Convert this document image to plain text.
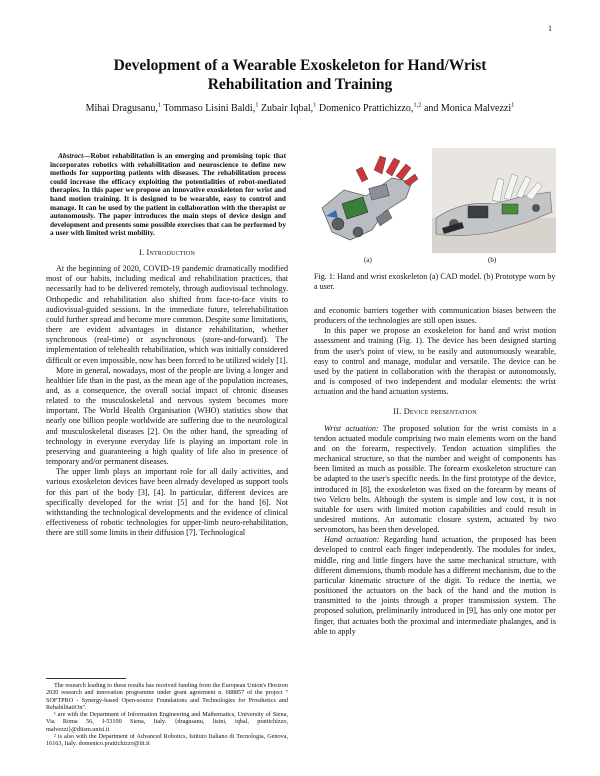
1
Development of a Wearable Exoskeleton for Hand/Wrist
Rehabilitation and Training
Mihai Dragusanu,$^1$ Tommaso Lisini Baldi,$^1$ Zubair Iqbal,$^1$ Domenico Prattichizzo,$^{1,2}$ and Monica Malvezzi$^1$

Abstract—Robot rehabilitation is an emerging and promising topic that incorporates robotics with rehabilitation and neuroscience to define new methods for supporting patients with diseases. The rehabilitation process could increase the efficacy exploiting the potentialities of robot-mediated therapies. In this paper we propose an innovative exoskeleton for wrist and hand motion training. It is designed to be wearable, easy to control and manage. It can be used by the patient in collaboration with the therapist or autonomously. The paper introduces the main steps of device design and development and presents some possible exercises that can be performed by a user with limited wrist mobility.

I. Introduction

At the beginning of 2020, COVID-19 pandemic dramatically modified most of our habits, including medical and rehabilitation practices, that necessarily had to be delivered remotely, through audiovisual technology. Orthopedic and rehabilitation also shifted from face-to-face visits to audiovisual-guided sessions. In the immediate future, telerehabilitation could further spread and become more common. Despite some limitations, there are evident advantages in distance rehabilitation, whether synchronous (real-time) or asynchronous (store-and-forward). The implementation of telehealth rehabilitation, which was initially considered difficult or even impossible, now has been forced to be utilized widely [1].

More in general, nowadays, most of the people are living a longer and healthier life than in the past, as the mean age of the population increases, and, as a consequence, the overall social impact of chronic diseases related to the musculoskeletal and nervous system becomes more important. The World Health Organisation (WHO) statistics show that nearly one billion people worldwide are suffering due to the neurological and musculoskeletal diseases [2]. On the other hand, the spreading of technology in everyone everyday life is playing an important role in preserving and guaranteeing a high quality of life also in presence of temporary and/or permanent diseases.

The upper limb plays an important role for all daily activities, and various exoskeleton devices have been already developed as support tools for this part of the body [3], [4]. In particular, different devices are specifically developed for the wrist [5] and for the hand [6]. Not withstanding the technological developments and the evidence of clinical effectiveness of robotic technologies for upper-limb neuro-rehabilitation, there are still some limits in their diffusion [7]. Technological

The research leading to these results has received funding from the European Union's Horizon 2020 research and innovation programme under grant agreement n. 688857 of the project " SOFTPRO - Synergy-based Open-source Foundations and Technologies for Prosthetics and RehabilitatiOn".

¹ are with the Department of Information Engineering and Mathematics, University of Siena, Via Roma 56, I-53100 Siena, Italy. {dragusanu, lisini, iqbal, prattichizzo, malvezzi}@diism.unisi.it

² is also with the Department of Advanced Robotics, Istituto Italiano di Tecnologia, Genova, 16163, Italy. domenico.prattichizzo@iit.it

(a)	(b)
Fig. 1: Hand and wrist exoskeleton (a) CAD model. (b) Prototype worn by a user.

and economic barriers together with communication biases between the producers of the technologies are still open issues.

In this paper we propose an exoskeleton for hand and wrist motion assessment and training (Fig. 1). The device has been designed starting from the user's point of view, to be easily and autonomously wearable, easy to control and manage, modular and versatile. The device can be used by the patient in collaboration with the therapist or autonomously, and is composed of two independent and modular elements: the wrist actuation and the hand actuation systems.

II. Device presentation

Wrist actuation: The proposed solution for the wrist consists in a tendon actuated module comprising two main elements worn on the hand and on the forearm, respectively. Tendon actuation simplifies the mechanical structure, so that the number and weight of components has been limited as much as possible. The forearm exoskeleton structure can be adapted to the user's specific needs. In the first prototype of the device, introduced in [8], the exoskeleton was fixed on the forearm by means of two Velcro belts. Although the system is simple and low cost, it is not suitable for users with limited motion capabilities and could result in undesired motions. An automatic closure system, actuated by two servomotors, has been then developed.

Hand actuation: Regarding hand actuation, the proposed has been developed to control each finger independently. The modules for index, middle, ring and little fingers have the same mechanical structure, with different dimensions, thumb module has a different mechanism, due to the particular kinematic structure of the digit. To reduce the inertia, we positioned the actuators on the back of the hand and the motion is transmitted to the joints through a proper transmission system. The proposed solution, preliminarily introduced in [9], has only one motor per finger, that actuates both the proximal and intermediate phalanges, and is able to apply
